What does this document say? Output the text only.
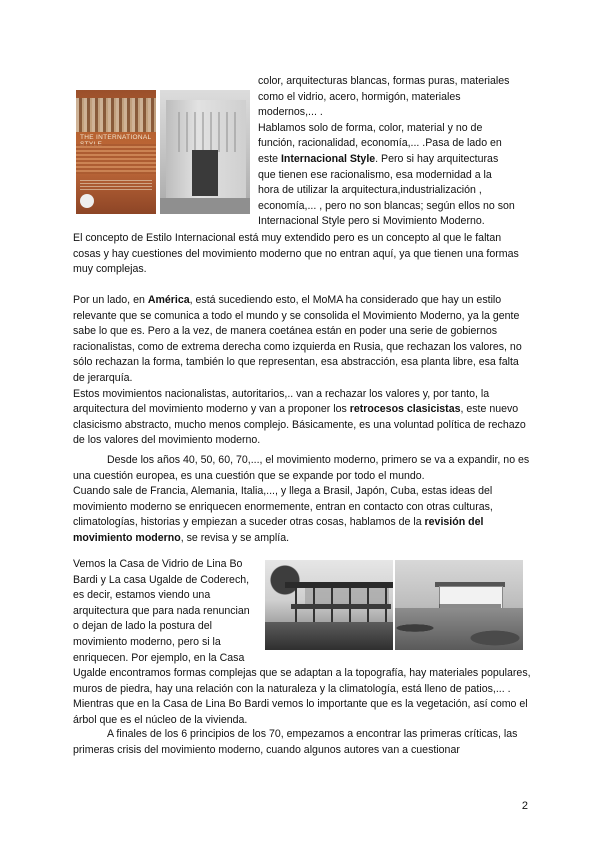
THE INTERNATIONAL
color, arquitecturas blancas, formas puras, materiales
como el vidrio, acero, hormigón, materiales
modernos,... .
Hablamos solo de forma, color, material y no de
función, racionalidad, economía,... .Pasa de lado en
este Internacional Style. Pero si hay arquitecturas
que tienen ese racionalismo, esa modernidad a la
hora de utilizar la arquitectura,industrialización ,
economía,... , pero no son blancas; según ellos no son
Internacional Style pero si Movimiento Moderno.

El concepto de Estilo Internacional está muy extendido pero es un concepto al que le faltan cosas y hay cuestiones del movimiento moderno que no entran aquí, ya que tienen una formas muy complejas.

Por un lado, en América, está sucediendo esto, el MoMA ha considerado que hay un estilo relevante que se comunica a todo el mundo y se consolida el Movimiento Moderno, ya la gente sabe lo que es. Pero a la vez, de manera coetánea están en poder una serie de gobiernos racionalistas, como de extrema derecha como izquierda en Rusia, que rechazan los valores, no sólo rechazan la forma, también lo que representan, esa abstracción, esa planta libre, esa falta de jerarquía.

Estos movimientos nacionalistas, autoritarios,.. van a rechazar los valores y, por tanto, la arquitectura del movimiento moderno y van a proponer los retrocesos clasicistas, este nuevo clasicismo abstracto, mucho menos complejo. Básicamente, es una voluntad política de rechazo de los valores del movimiento moderno.

Desde los años 40, 50, 60, 70,..., el movimiento moderno, primero se va a expandir, no es una cuestión europea, es una cuestión que se expande por todo el mundo.

Cuando sale de Francia, Alemania, Italia,..., y llega a Brasil, Japón, Cuba, estas ideas del movimiento moderno se enriquecen enormemente, entran en contacto con otras culturas, climatologías, historias y empiezan a suceder otras cosas, hablamos de la revisión del movimiento moderno, se revisa y se amplía.

Vemos la Casa de Vidrio de Lina Bo
Bardi y La casa Ugalde de Coderech,
es decir, estamos viendo una
arquitectura que para nada renuncian
o dejan de lado la postura del
movimiento moderno, pero si la
enriquecen. Por ejemplo, en la Casa

Ugalde encontramos formas complejas que se adaptan a la topografía, hay materiales populares, muros de piedra, hay una relación con la naturaleza y la climatología, está lleno de patios,... . Mientras que en la Casa de Lina Bo Bardi vemos lo importante que es la vegetación, así como el árbol que es el núcleo de la vivienda.

A finales de los 6 principios de los 70, empezamos a encontrar las primeras críticas, las primeras crisis del movimiento moderno, cuando algunos autores van a cuestionar

2
